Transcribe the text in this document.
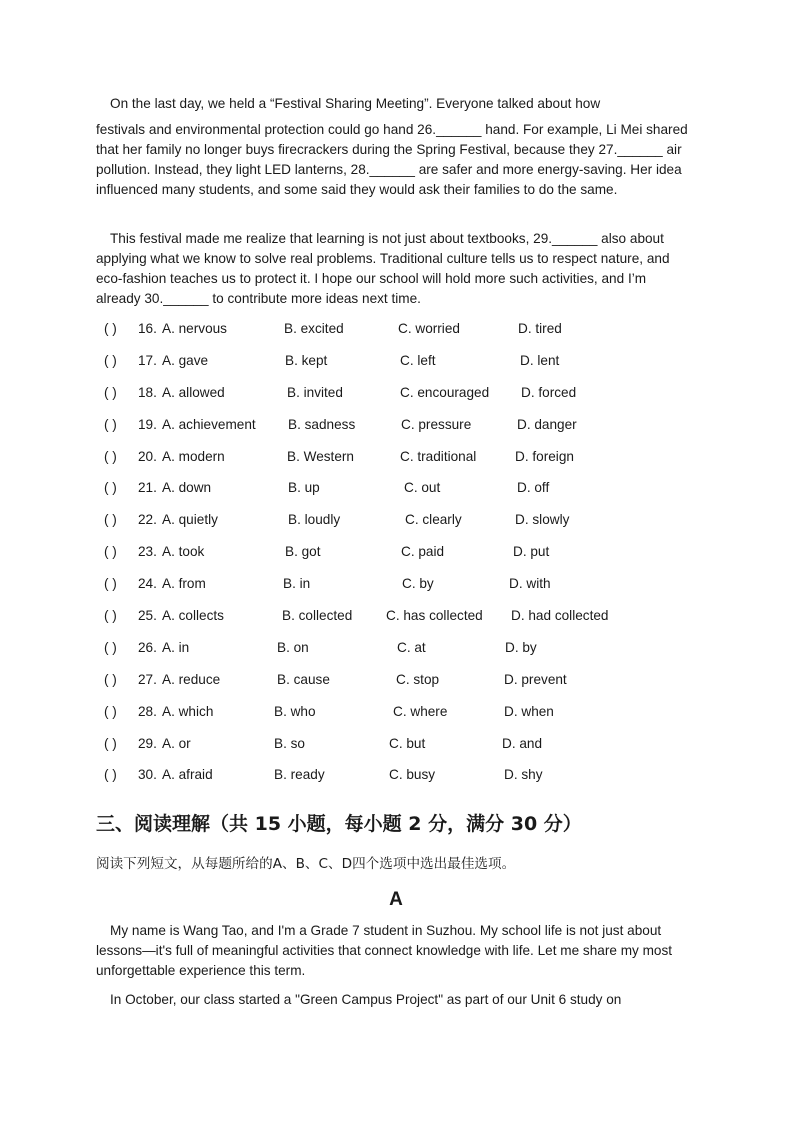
On the last day, we held a “Festival Sharing Meeting”. Everyone talked about how

festivals and environmental protection could go hand 26.______ hand. For example, Li Mei shared that her family no longer buys firecrackers during the Spring Festival, because they 27.______ air pollution. Instead, they light LED lanterns, 28.______ are safer and more energy-saving. Her idea influenced many students, and some said they would ask their families to do the same.

This festival made me realize that learning is not just about textbooks, 29.______ also about applying what we know to solve real problems. Traditional culture tells us to respect nature, and eco-fashion teaches us to protect it. I hope our school will hold more such activities, and I’m already 30.______ to contribute more ideas next time.

( ) 16. A. nervous	B. excited	C. worried	D. tired
( ) 17. A. gave	B. kept	C. left	D. lent
( ) 18. A. allowed	B. invited	C. encouraged D. forced
( ) 19. A. achievement B. sadness	C. pressure	D. danger
( ) 20. A. modern	B. Western	C. traditional	D. foreign
( ) 21. A. down	B. up	C. out	D. off
( ) 22. A. quietly	B. loudly	C. clearly	D. slowly
( ) 23. A. took	B. got	C. paid	D. put
( ) 24. A. from	B. in	C. by	D. with
( ) 25. A. collects	B. collected C. has collected D. had collected
( ) 26. A. in	B. on	C. at	D. by
( ) 27. A. reduce	B. cause	C. stop	D. prevent
( ) 28. A. which	B. who	C. where	D. when
( ) 29. A. or	B. so	C. but	D. and
( ) 30. A. afraid	B. ready	C. busy	D. shy
三、阅读理解（共 15 小题，每小题 2 分，满分 30 分）
阅读下列短文，从每题所给的A、B、C、D四个选项中选出最佳选项。
A

My name is Wang Tao, and I'm a Grade 7 student in Suzhou. My school life is not just about lessons—it's full of meaningful activities that connect knowledge with life. Let me share my most unforgettable experience this term.

In October, our class started a "Green Campus Project" as part of our Unit 6 study on
